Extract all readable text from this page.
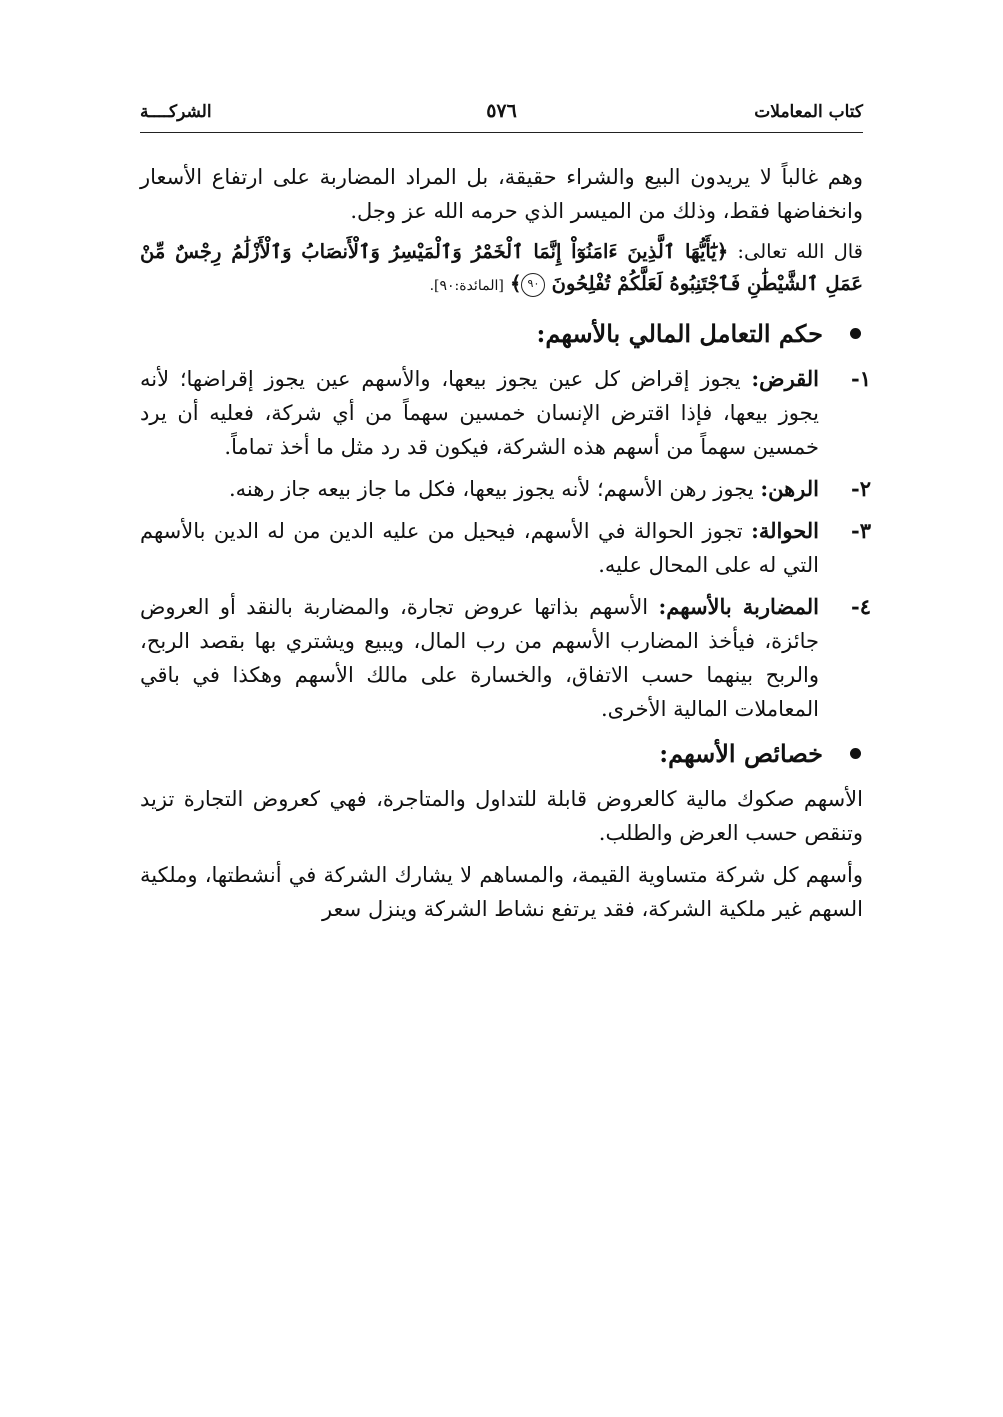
كتاب المعاملات
٥٧٦
الشركــــة

وهم غالباً لا يريدون البيع والشراء حقيقة، بل المراد المضاربة على ارتفاع الأسعار وانخفاضها فقط، وذلك من الميسر الذي حرمه الله عز وجل.

قال الله تعالى: ﴿يَٰٓأَيُّهَا ٱلَّذِينَ ءَامَنُوٓاْ إِنَّمَا ٱلْخَمْرُ وَٱلْمَيْسِرُ وَٱلْأَنصَابُ وَٱلْأَزْلَٰمُ رِجْسٌ مِّنْ عَمَلِ ٱلشَّيْطَٰنِ فَٱجْتَنِبُوهُ لَعَلَّكُمْ تُفْلِحُونَ ٩٠﴾ [المائدة:٩٠].

حكم التعامل المالي بالأسهم:
١-
القرض: يجوز إقراض كل عين يجوز بيعها، والأسهم عين يجوز إقراضها؛ لأنه يجوز بيعها، فإذا اقترض الإنسان خمسين سهماً من أي شركة، فعليه أن يرد خمسين سهماً من أسهم هذه الشركة، فيكون قد رد مثل ما أخذ تماماً.
٢-
الرهن: يجوز رهن الأسهم؛ لأنه يجوز بيعها، فكل ما جاز بيعه جاز رهنه.
٣-
الحوالة: تجوز الحوالة في الأسهم، فيحيل من عليه الدين من له الدين بالأسهم التي له على المحال عليه.
٤-
المضاربة بالأسهم: الأسهم بذاتها عروض تجارة، والمضاربة بالنقد أو العروض جائزة، فيأخذ المضارب الأسهم من رب المال، ويبيع ويشتري بها بقصد الربح، والربح بينهما حسب الاتفاق، والخسارة على مالك الأسهم وهكذا في باقي المعاملات المالية الأخرى.
خصائص الأسهم:

الأسهم صكوك مالية كالعروض قابلة للتداول والمتاجرة، فهي كعروض التجارة تزيد وتنقص حسب العرض والطلب.

وأسهم كل شركة متساوية القيمة، والمساهم لا يشارك الشركة في أنشطتها، وملكية السهم غير ملكية الشركة، فقد يرتفع نشاط الشركة وينزل سعر
